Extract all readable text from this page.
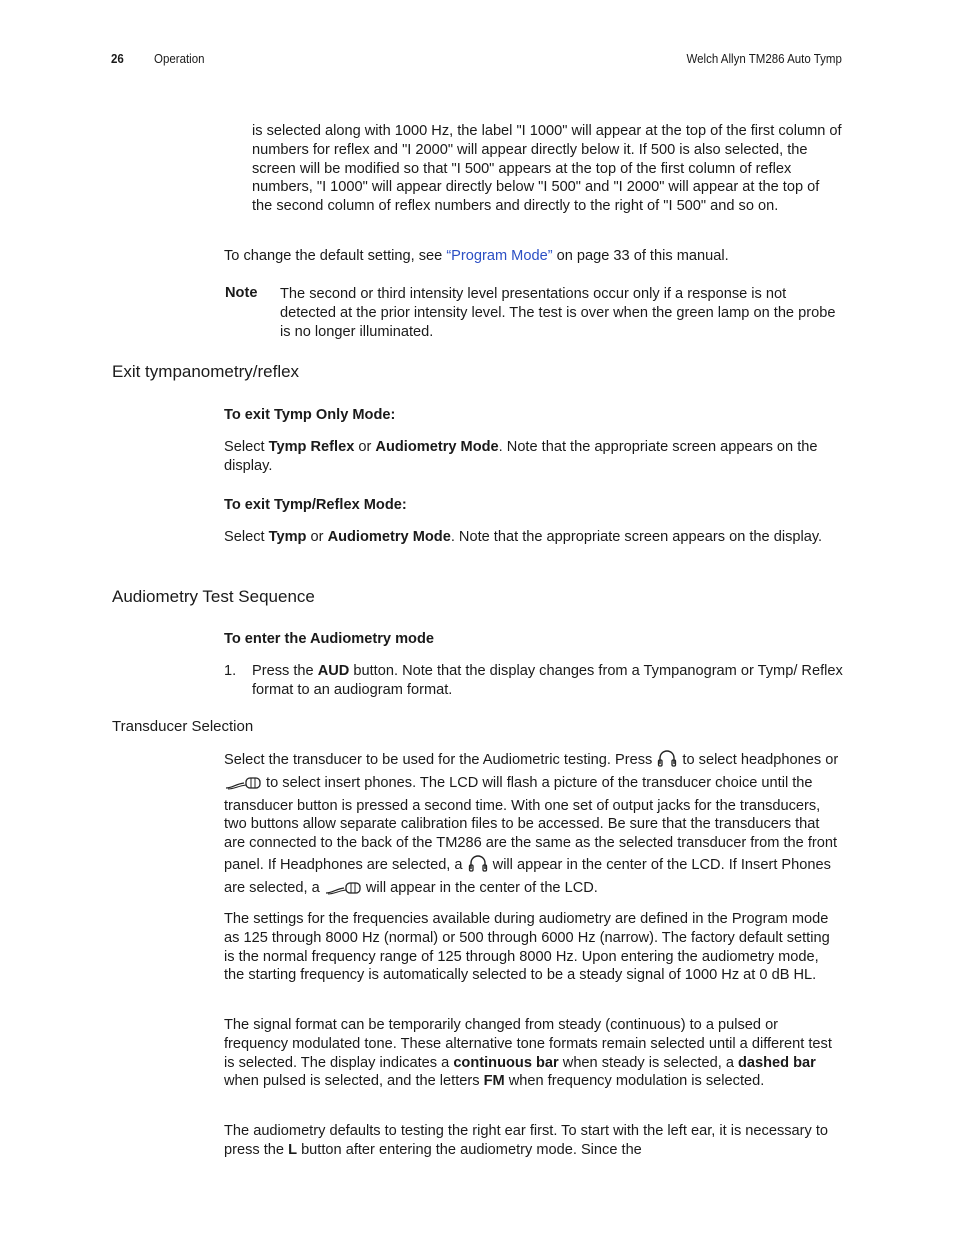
26 Operation	Welch Allyn TM286 Auto Tymp

is selected along with 1000 Hz, the label "I 1000" will appear at the top of the first column of numbers for reflex and "I 2000" will appear directly below it. If 500 is also selected, the screen will be modified so that "I 500" appears at the top of the first column of reflex numbers, "I 1000" will appear directly below "I 500" and "I 2000" will appear at the top of the second column of reflex numbers and directly to the right of "I 500" and so on.

To change the default setting, see “Program Mode” on page 33 of this manual.

Note The second or third intensity level presentations occur only if a response is not detected at the prior intensity level. The test is over when the green lamp on the probe is no longer illuminated.

Exit tympanometry/reflex
To exit Tymp Only Mode:

Select Tymp Reflex or Audiometry Mode. Note that the appropriate screen appears on the display.

To exit Tymp/Reflex Mode:

Select Tymp or Audiometry Mode. Note that the appropriate screen appears on the display.

Audiometry Test Sequence
To enter the Audiometry mode
1. Press the AUD button. Note that the display changes from a Tympanogram or Tymp/ Reflex format to an audiogram format.

Transducer Selection

Select the transducer to be used for the Audiometric testing. Press  to select headphones or  to select insert phones. The LCD will flash a picture of the transducer choice until the transducer button is pressed a second time. With one set of output jacks for the transducers, two buttons allow separate calibration files to be accessed. Be sure that the transducers that are connected to the back of the TM286 are the same as the selected transducer from the front panel. If Headphones are selected, a  will appear in the center of the LCD. If Insert Phones are selected, a	will appear in the center of the LCD.

The settings for the frequencies available during audiometry are defined in the Program mode as 125 through 8000 Hz (normal) or 500 through 6000 Hz (narrow). The factory default setting is the normal frequency range of 125 through 8000 Hz. Upon entering the audiometry mode, the starting frequency is automatically selected to be a steady signal of 1000 Hz at 0 dB HL.

The signal format can be temporarily changed from steady (continuous) to a pulsed or frequency modulated tone. These alternative tone formats remain selected until a different test is selected. The display indicates a continuous bar when steady is selected, a dashed bar when pulsed is selected, and the letters FM when frequency modulation is selected.

The audiometry defaults to testing the right ear first. To start with the left ear, it is necessary to press the L button after entering the audiometry mode. Since the
